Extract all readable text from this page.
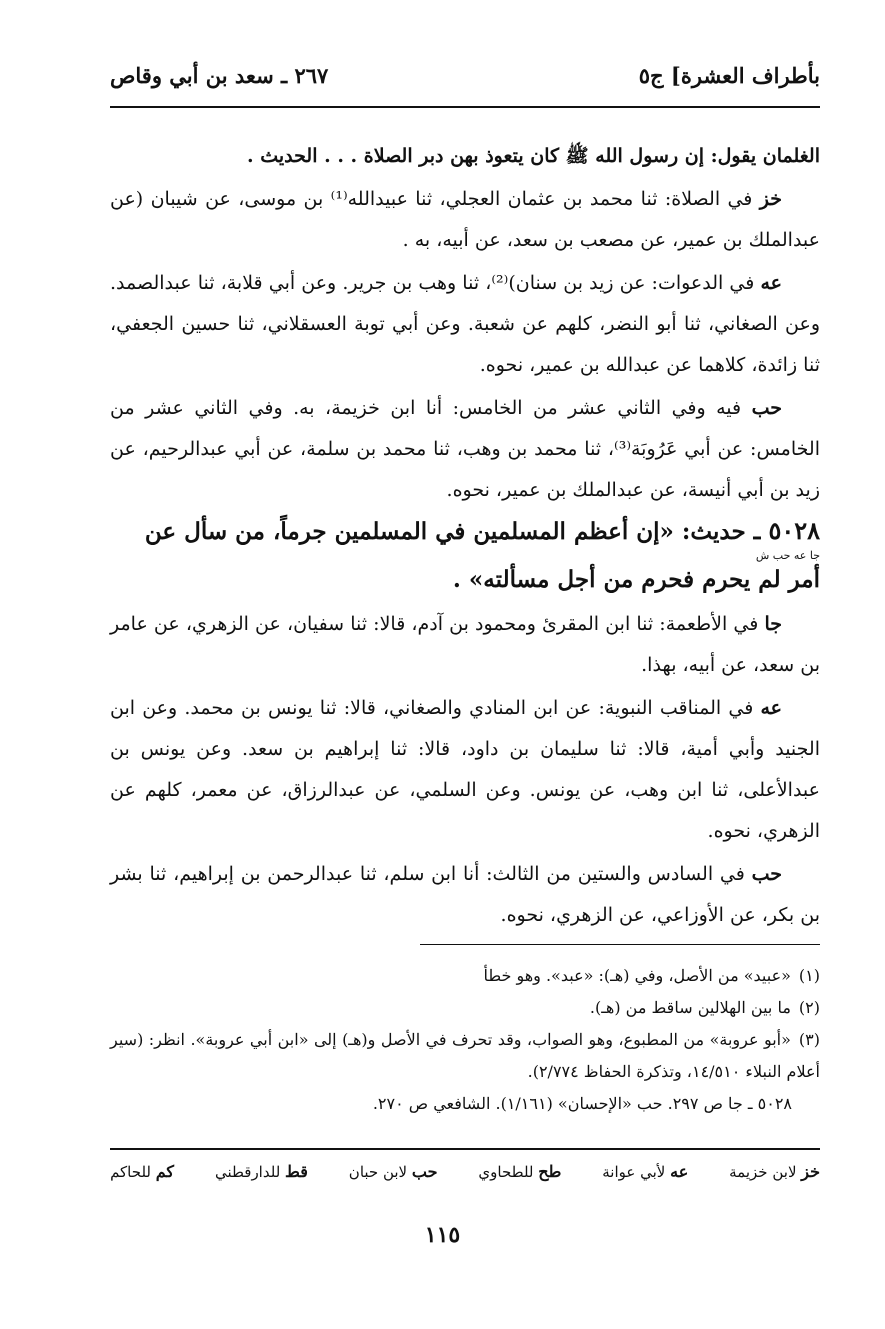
بأطراف العشرة] ج٥
٢٦٧ ـ سعد بن أبي وقاص

الغلمان يقول: إن رسول الله ﷺ كان يتعوذ بهن دبر الصلاة . . . الحديث .

خز في الصلاة: ثنا محمد بن عثمان العجلي، ثنا عبيدالله⁽¹⁾ بن موسى، عن شيبان (عن عبدالملك بن عمير، عن مصعب بن سعد، عن أبيه، به .

عه في الدعوات: عن زيد بن سنان)⁽²⁾، ثنا وهب بن جرير. وعن أبي قلابة، ثنا عبدالصمد. وعن الصغاني، ثنا أبو النضر، كلهم عن شعبة. وعن أبي توبة العسقلاني، ثنا حسين الجعفي، ثنا زائدة، كلاهما عن عبدالله بن عمير، نحوه.

حب فيه وفي الثاني عشر من الخامس: أنا ابن خزيمة، به. وفي الثاني عشر من الخامس: عن أبي عَرُوبَة⁽³⁾، ثنا محمد بن وهب، ثنا محمد بن سلمة، عن أبي عبدالرحيم، عن زيد بن أبي أنيسة، عن عبدالملك بن عمير، نحوه.

٥٠٢٨ ـ حديث: «إن أعظم المسلمين في المسلمين جرماً، من سأل عن

جا عه حب ش

أمر لم يحرم فحرم من أجل مسألته» .

جا في الأطعمة: ثنا ابن المقرئ ومحمود بن آدم، قالا: ثنا سفيان، عن الزهري، عن عامر بن سعد، عن أبيه، بهذا.

عه في المناقب النبوية: عن ابن المنادي والصغاني، قالا: ثنا يونس بن محمد. وعن ابن الجنيد وأبي أمية، قالا: ثنا سليمان بن داود، قالا: ثنا إبراهيم بن سعد. وعن يونس بن عبدالأعلى، ثنا ابن وهب، عن يونس. وعن السلمي، عن عبدالرزاق، عن معمر، كلهم عن الزهري، نحوه.

حب في السادس والستين من الثالث: أنا ابن سلم، ثنا عبدالرحمن بن إبراهيم، ثنا بشر بن بكر، عن الأوزاعي، عن الزهري، نحوه.

(١)«عبيد» من الأصل، وفي (هـ): «عبد». وهو خطأ

(٢)ما بين الهلالين ساقط من (هـ).

(٣)«أبو عروبة» من المطبوع، وهو الصواب، وقد تحرف في الأصل و(هـ) إلى «ابن أبي عروبة». انظر: (سير أعلام النبلاء ١٤/٥١٠، وتذكرة الحفاظ ٢/٧٧٤).

٥٠٢٨ ـ جا ص ٢٩٧. حب «الإحسان» (١/١٦١). الشافعي ص ٢٧٠.

خز لابن خزيمة
عه لأبي عوانة
طح للطحاوي
حب لابن حبان
قط للدارقطني
كم للحاكم
١١٥
